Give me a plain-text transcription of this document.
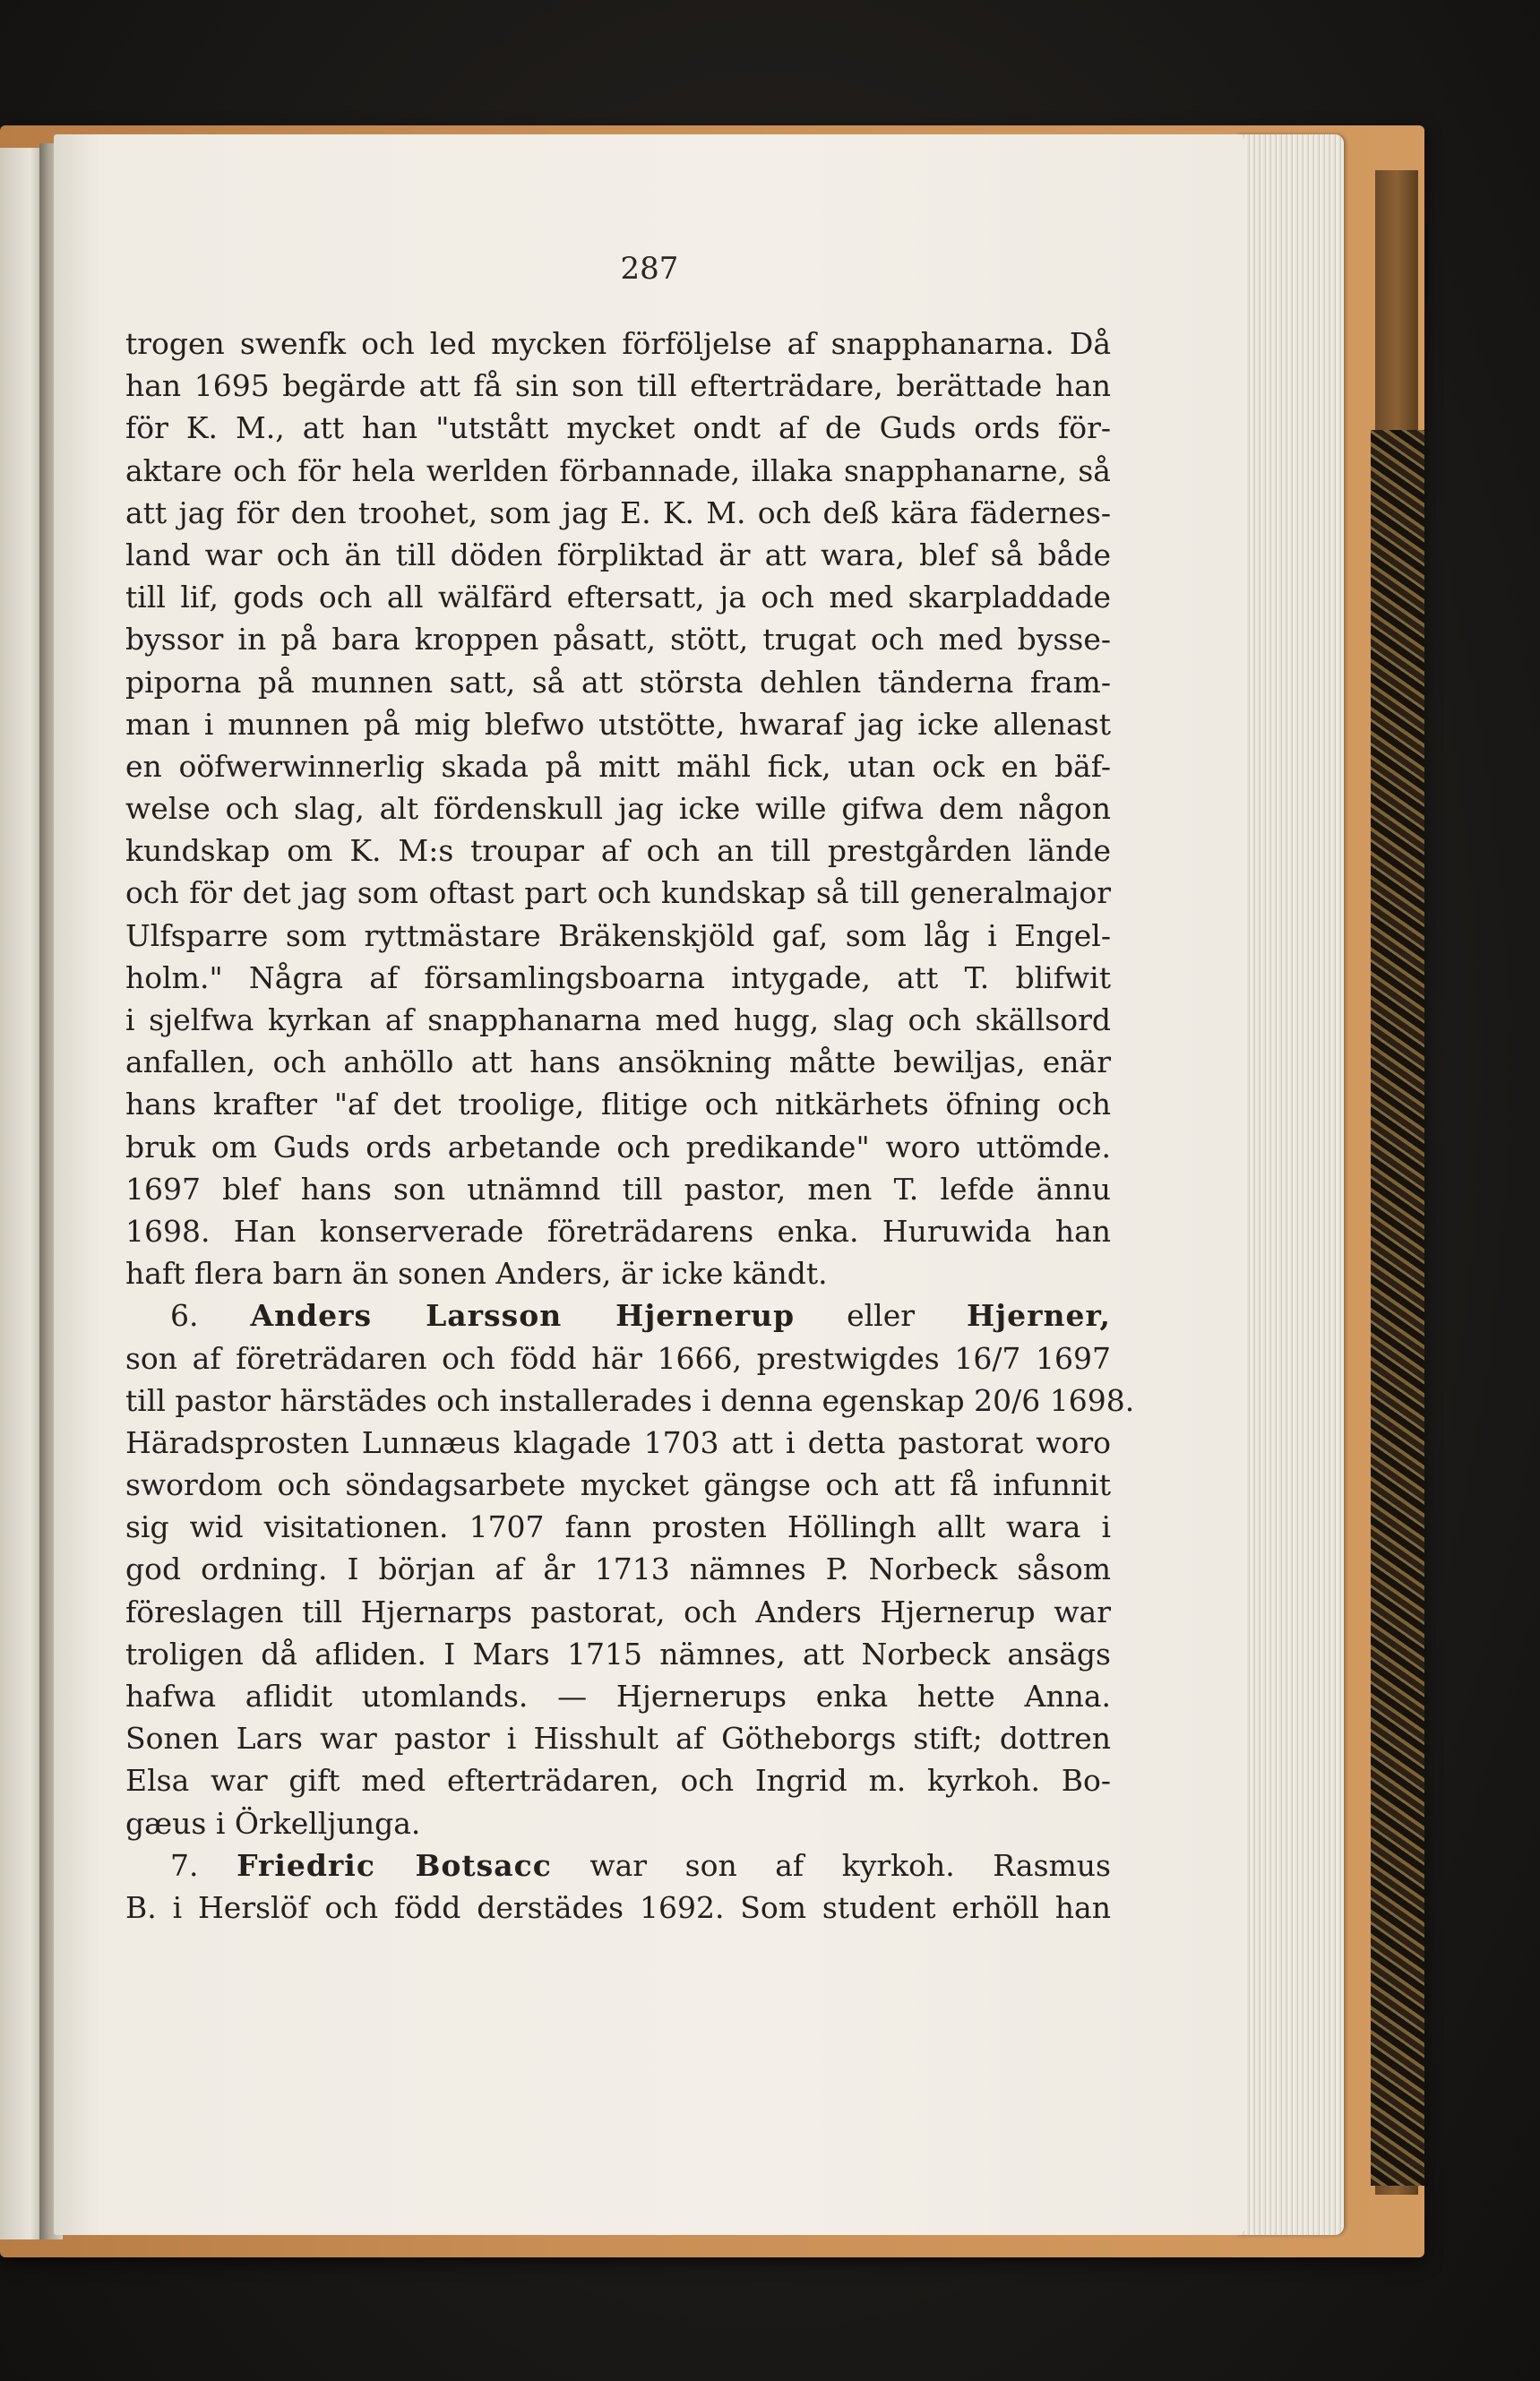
287
trogen swenfk och led mycken förföljelse af snapphanarna. Då
han 1695 begärde att få sin son till efterträdare, berättade han
för K. M., att han "utstått mycket ondt af de Guds ords för-
aktare och för hela werlden förbannade, illaka snapphanarne, så
att jag för den troohet, som jag E. K. M. och deß kära fädernes-
land war och än till döden förpliktad är att wara, blef så både
till lif, gods och all wälfärd eftersatt, ja och med skarpladdade
byssor in på bara kroppen påsatt, stött, trugat och med bysse-
piporna på munnen satt, så att största dehlen tänderna fram-
man i munnen på mig blefwo utstötte, hwaraf jag icke allenast
en oöfwerwinnerlig skada på mitt mähl fick, utan ock en bäf-
welse och slag, alt fördenskull jag icke wille gifwa dem någon
kundskap om K. M:s troupar af och an till prestgården lände
och för det jag som oftast part och kundskap så till generalmajor
Ulfsparre som ryttmästare Bräkenskjöld gaf, som låg i Engel-
holm." Några af församlingsboarna intygade, att T. blifwit
i sjelfwa kyrkan af snapphanarna med hugg, slag och skällsord
anfallen, och anhöllo att hans ansökning måtte bewiljas, enär
hans krafter "af det troolige, flitige och nitkärhets öfning och
bruk om Guds ords arbetande och predikande" woro uttömde.
1697 blef hans son utnämnd till pastor, men T. lefde ännu
1698. Han konserverade företrädarens enka. Huruwida han
haft flera barn än sonen Anders, är icke kändt.
6. Anders Larsson Hjernerup eller Hjerner,
son af företrädaren och född här 1666, prestwigdes 16/7 1697
till pastor härstädes och installerades i denna egenskap 20/6 1698.
Häradsprosten Lunnæus klagade 1703 att i detta pastorat woro
swordom och söndagsarbete mycket gängse och att få infunnit
sig wid visitationen. 1707 fann prosten Höllingh allt wara i
god ordning. I början af år 1713 nämnes P. Norbeck såsom
föreslagen till Hjernarps pastorat, och Anders Hjernerup war
troligen då afliden. I Mars 1715 nämnes, att Norbeck ansägs
hafwa aflidit utomlands. — Hjernerups enka hette Anna.
Sonen Lars war pastor i Hisshult af Götheborgs stift; dottren
Elsa war gift med efterträdaren, och Ingrid m. kyrkoh. Bo-
gæus i Örkelljunga.
7. Friedric Botsacc war son af kyrkoh. Rasmus
B. i Herslöf och född derstädes 1692. Som student erhöll han
